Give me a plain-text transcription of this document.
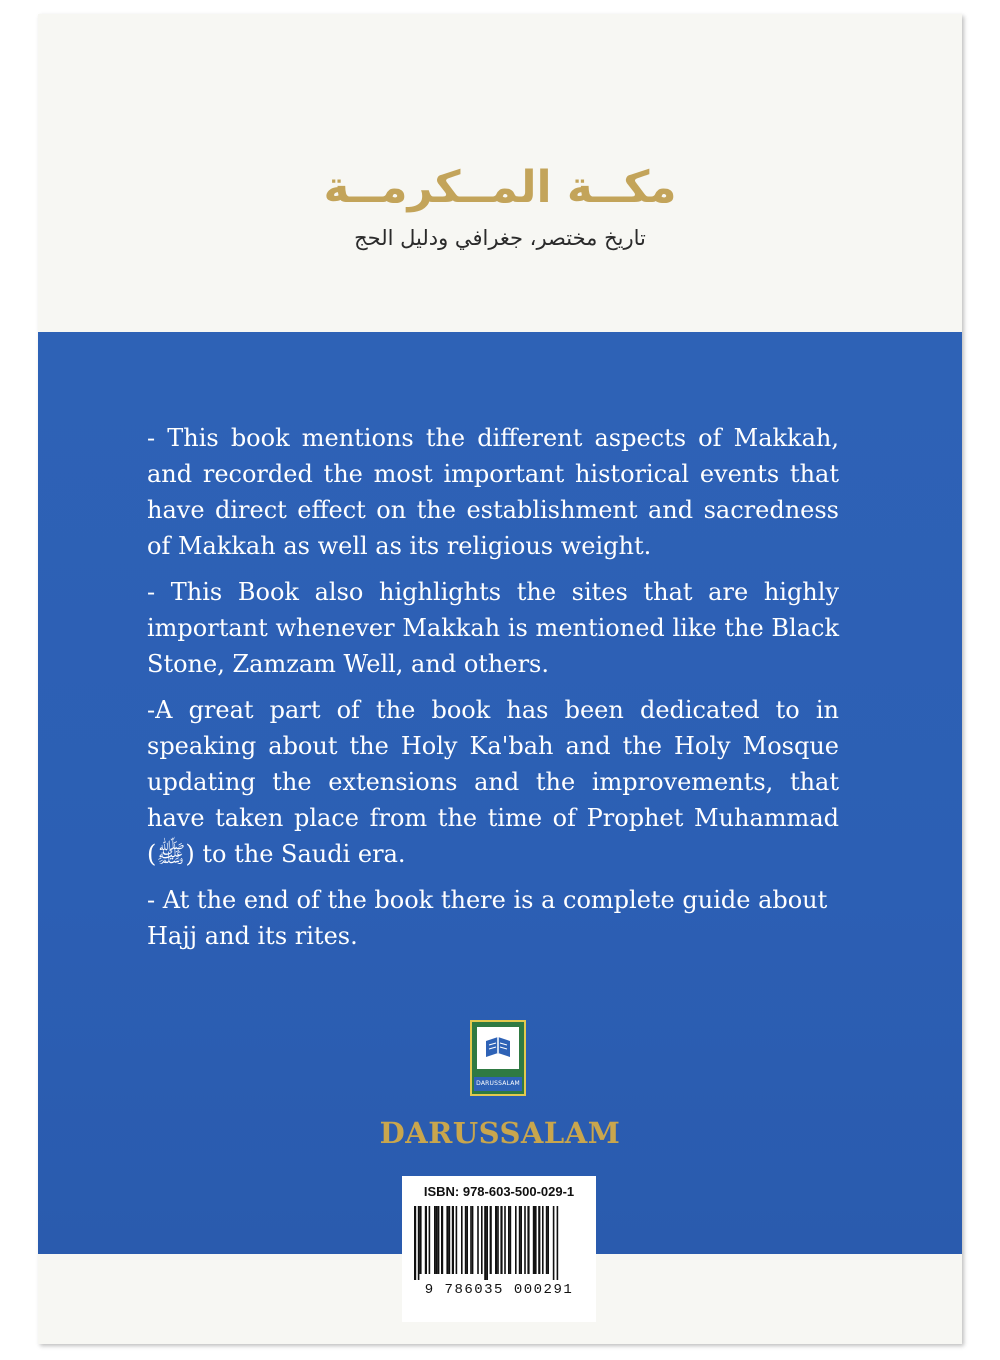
مكــة المــكرمــة
تاريخ مختصر، جغرافي ودليل الحج

- This book mentions the different aspects of Makkah, and recorded the most important historical events that have direct effect on the establishment and sacredness of Makkah as well as its religious weight.

- This Book also highlights the sites that are highly important whenever Makkah is mentioned like the Black Stone, Zamzam Well, and others.

-A great part of the book has been dedicated to in speaking about the Holy Ka'bah and the Holy Mosque updating the extensions and the improvements, that have taken place from the time of Prophet Muhammad (ﷺ) to the Saudi era.

- At the end of the book there is a complete guide about Hajj and its rites.

DARUSSALAM
DARUSSALAM
ISBN: 978-603-500-029-1
9 786035 000291
